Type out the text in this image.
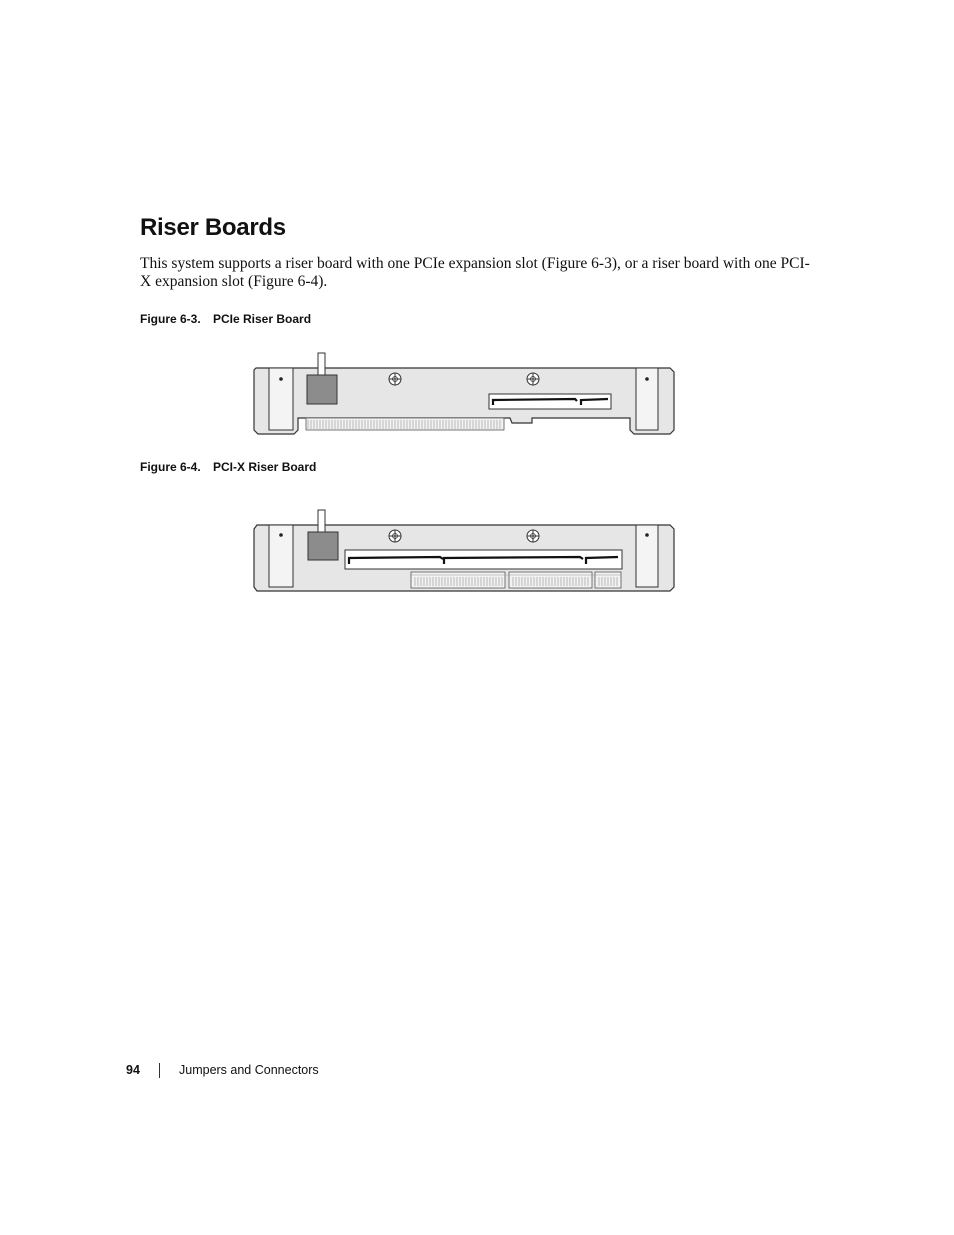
Riser Boards

This system supports a riser board with one PCIe expansion slot (Figure 6-3), or a riser board with one PCI-X expansion slot (Figure 6-4).

Figure 6-3. PCIe Riser Board
Figure 6-4. PCI-X Riser Board
94	Jumpers and Connectors
